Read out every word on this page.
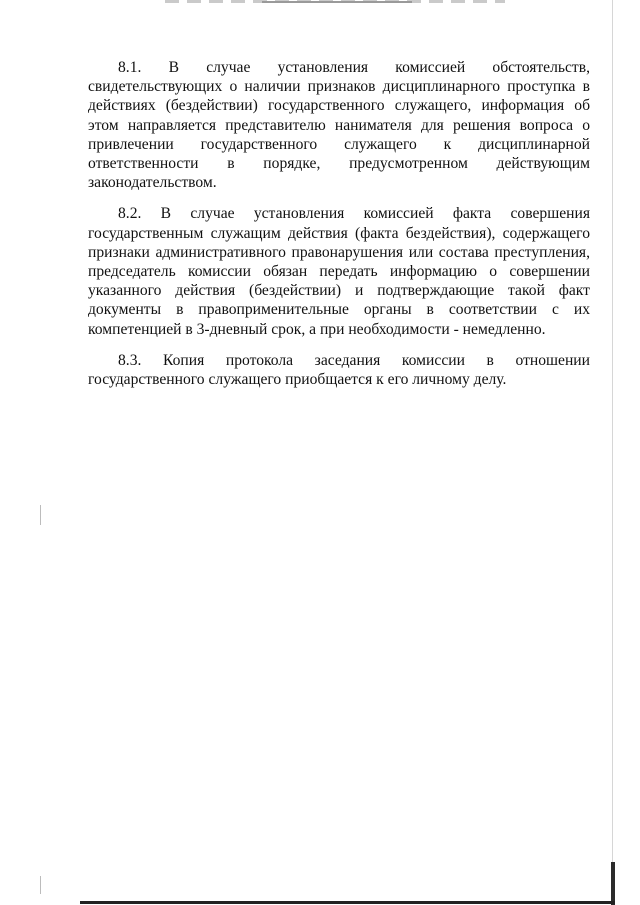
8.1. В случае установления комиссией обстоятельств, свидетельствующих о наличии признаков дисциплинарного проступка в действиях (бездействии) государственного служащего, информация об этом направляется представителю нанимателя для решения вопроса о привлечении государственного служащего к дисциплинарной ответственности в порядке, предусмотренном действующим законодательством.

8.2. В случае установления комиссией факта совершения государственным служащим действия (факта бездействия), содержащего признаки административного правонарушения или состава преступления, председатель комиссии обязан передать информацию о совершении указанного действия (бездействии) и подтверждающие такой факт документы в правоприменительные органы в соответствии с их компетенцией в 3-дневный срок, а при необходимости - немедленно.

8.3. Копия протокола заседания комиссии в отношении государственного служащего приобщается к его личному делу.
